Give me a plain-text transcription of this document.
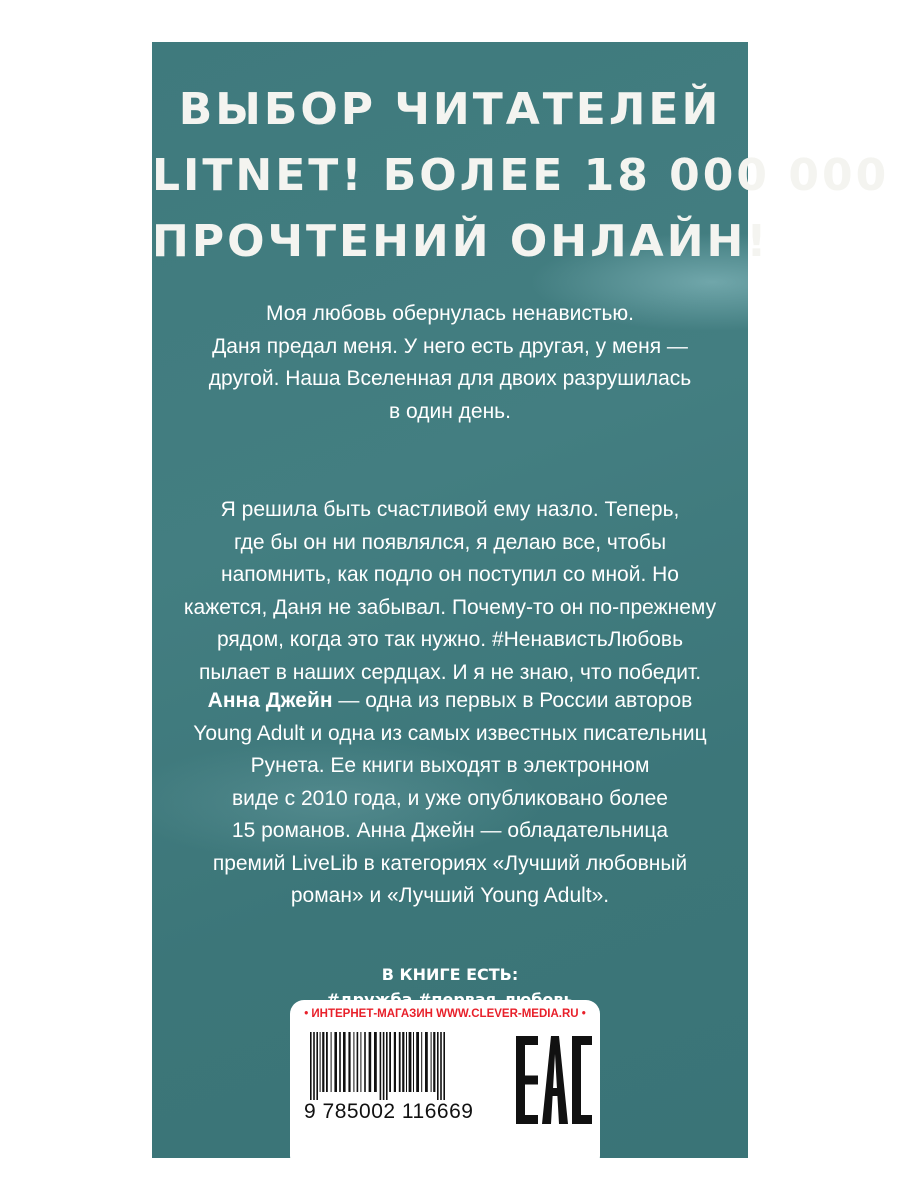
ВЫБОР ЧИТАТЕЛЕЙ
LITNET! БОЛЕЕ 18 000 000
ПРОЧТЕНИЙ ОНЛАЙН!
Моя любовь обернулась ненавистью.
Даня предал меня. У него есть другая, у меня —
другой. Наша Вселенная для двоих разрушилась
в один день.
Я решила быть счастливой ему назло. Теперь,
где бы он ни появлялся, я делаю все, чтобы
напомнить, как подло он поступил со мной. Но
кажется, Даня не забывал. Почему-то он по-прежнему
рядом, когда это так нужно. #НенавистьЛюбовь
пылает в наших сердцах. И я не знаю, что победит.
Анна Джейн — одна из первых в России авторов
Young Adult и одна из самых известных писательниц
Рунета. Ее книги выходят в электронном
виде с 2010 года, и уже опубликовано более
15 романов. Анна Джейн — обладательница
премий LiveLib в категориях «Лучший любовный
роман» и «Лучший Young Adult».
В КНИГЕ ЕСТЬ:
• ИНТЕРНЕТ-МАГАЗИН WWW.CLEVER-MEDIA.RU •
9 785002 116669
